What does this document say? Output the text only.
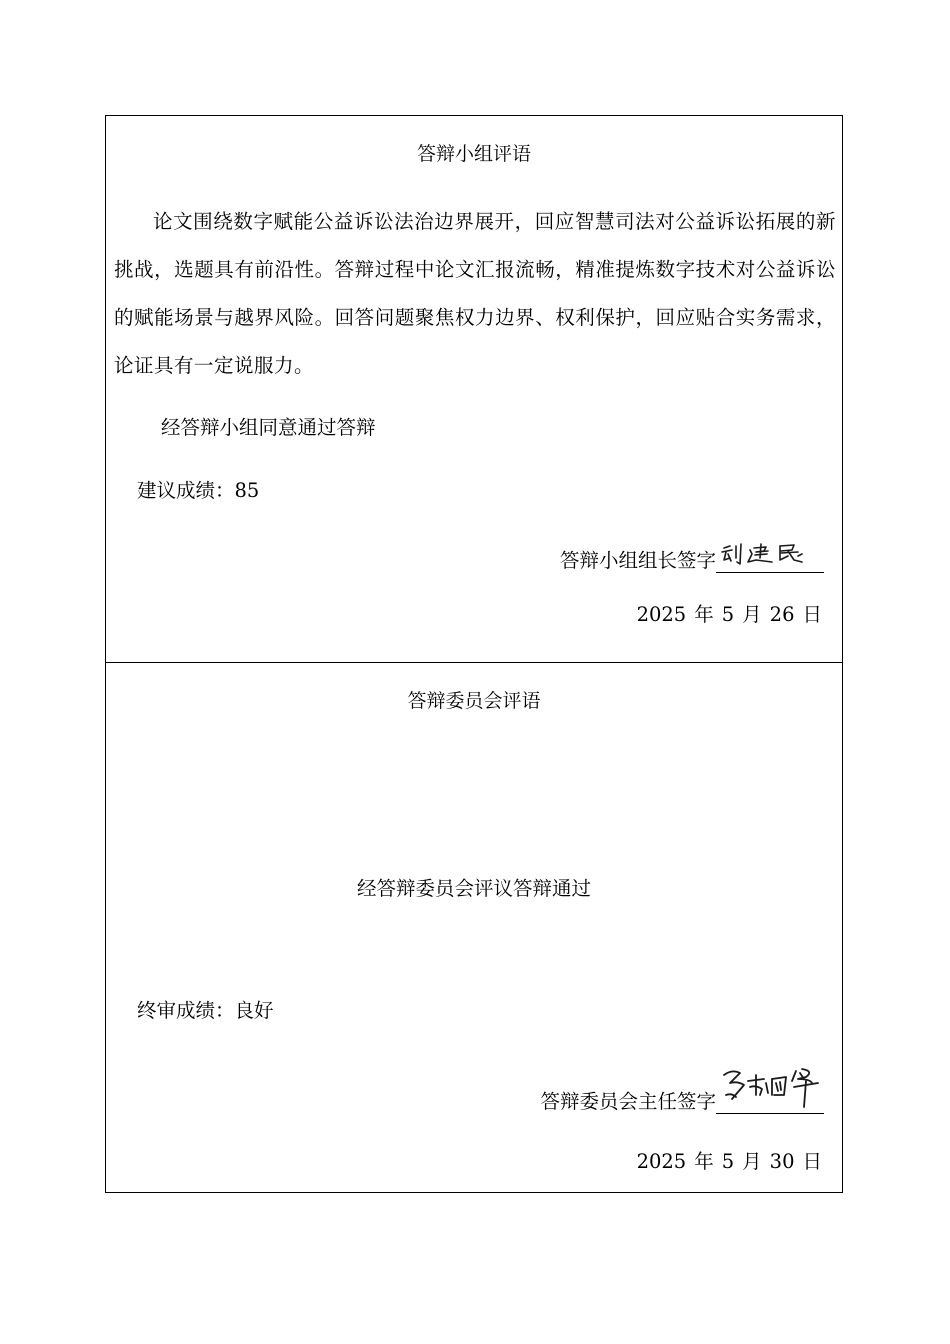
答辩小组评语

论文围绕数字赋能公益诉讼法治边界展开，回应智慧司法对公益诉讼拓展的新挑战，选题具有前沿性。答辩过程中论文汇报流畅，精准提炼数字技术对公益诉讼的赋能场景与越界风险。回答问题聚焦权力边界、权利保护，回应贴合实务需求，论证具有一定说服力。

经答辩小组同意通过答辩
建议成绩：85
答辩小组组长签字
2025 年 5 月 26 日
答辩委员会评语
经答辩委员会评议答辩通过
终审成绩：良好
答辩委员会主任签字
2025 年 5 月 30 日
